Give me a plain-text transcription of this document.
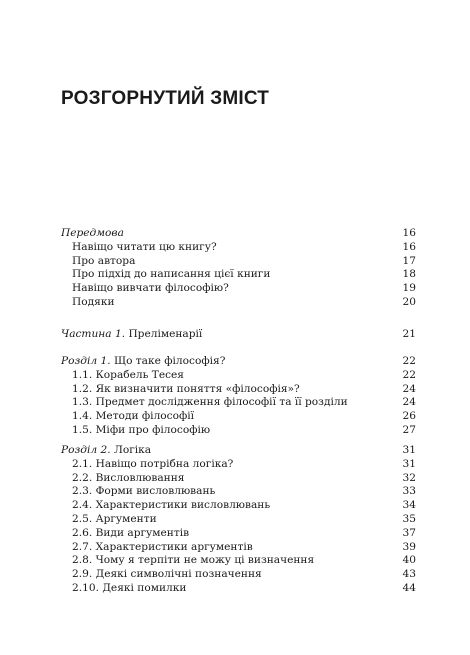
РОЗГОРНУТИЙ ЗМІСТ
Передмова	16
Навіщо читати цю книгу?	16
Про автора	17
Про підхід до написання цієї книги	18
Навіщо вивчати філософію?	19
Подяки	20
Частина 1. Преліменарії	21
Розділ 1. Що таке філософія?	22
1.1. Корабель Тесея	22
1.2. Як визначити поняття «філософія»?	24
1.3. Предмет дослідження філософії та її розділи	24
1.4. Методи філософії	26
1.5. Міфи про філософію	27
Розділ 2. Логіка	31
2.1. Навіщо потрібна логіка?	31
2.2. Висловлювання	32
2.3. Форми висловлювань	33
2.4. Характеристики висловлювань	34
2.5. Аргументи	35
2.6. Види аргументів	37
2.7. Характеристики аргументів	39
2.8. Чому я терпіти не можу ці визначення	40
2.9. Деякі символічні позначення	43
2.10. Деякі помилки	44
